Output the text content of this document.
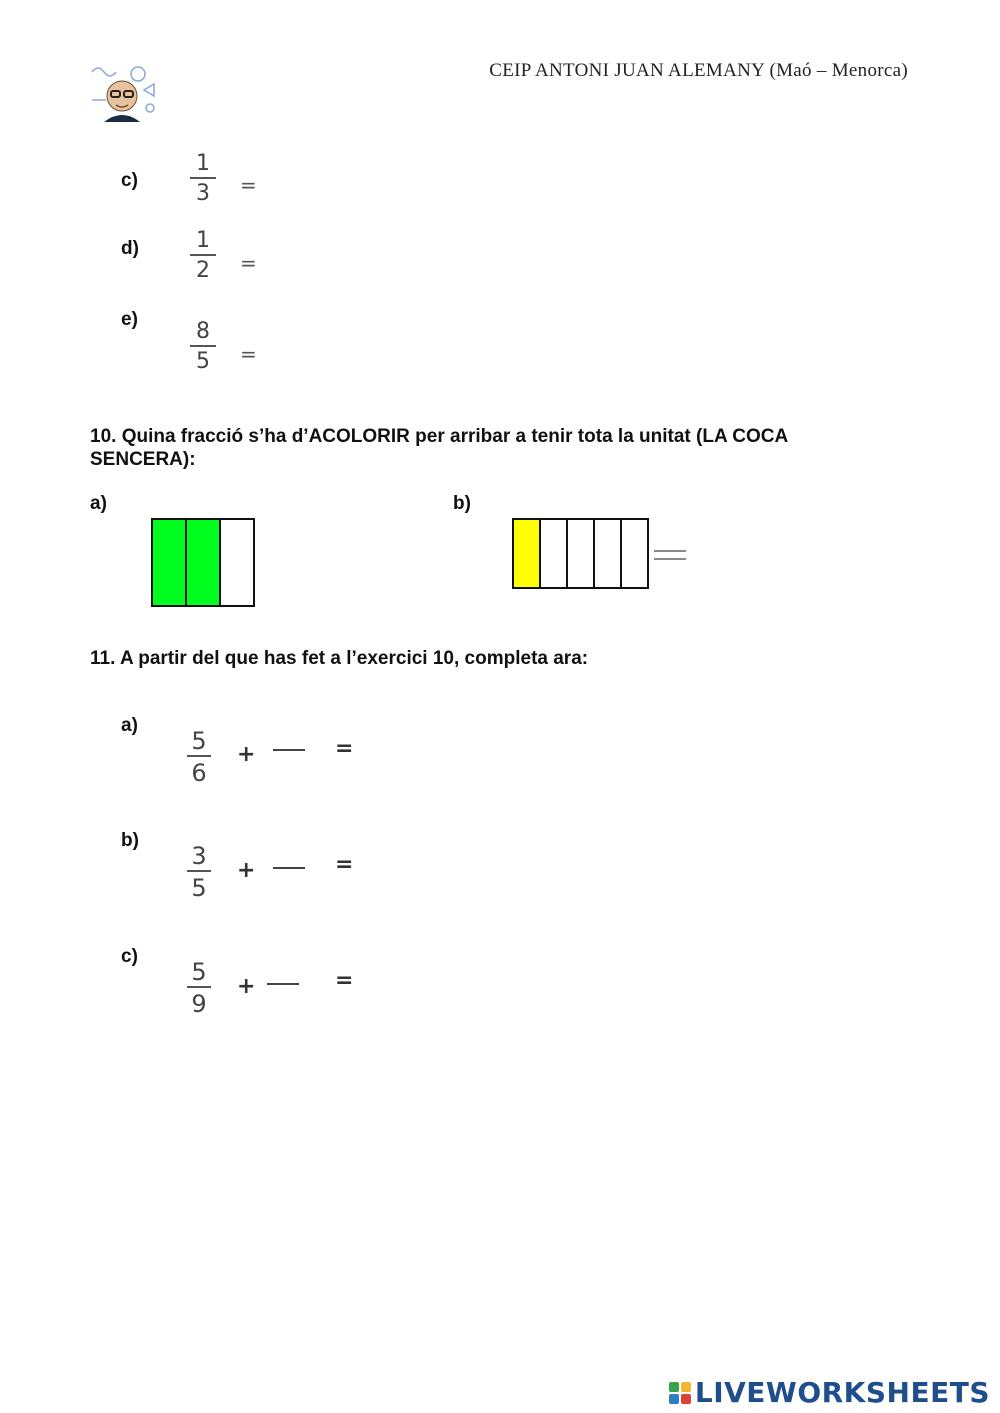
CEIP ANTONI JUAN ALEMANY (Maó – Menorca)
$c) \frac{1}{3}$ =
$d) \frac{1}{2}$ =
e)
$\frac{8}{5}$ =
10. Quina fracció s’ha d’ACOLORIR per arribar a tenir tota la unitat (LA COCA SENCERA):
a)	b)
11. A partir del que has fet a l’exercici 10, completa ara:
a)
$\frac{5}{6}$ +	=
b)
$\frac{3}{5}$ +	=
c)
$\frac{5}{9}$ +	=
LIVEWORKSHEETS
